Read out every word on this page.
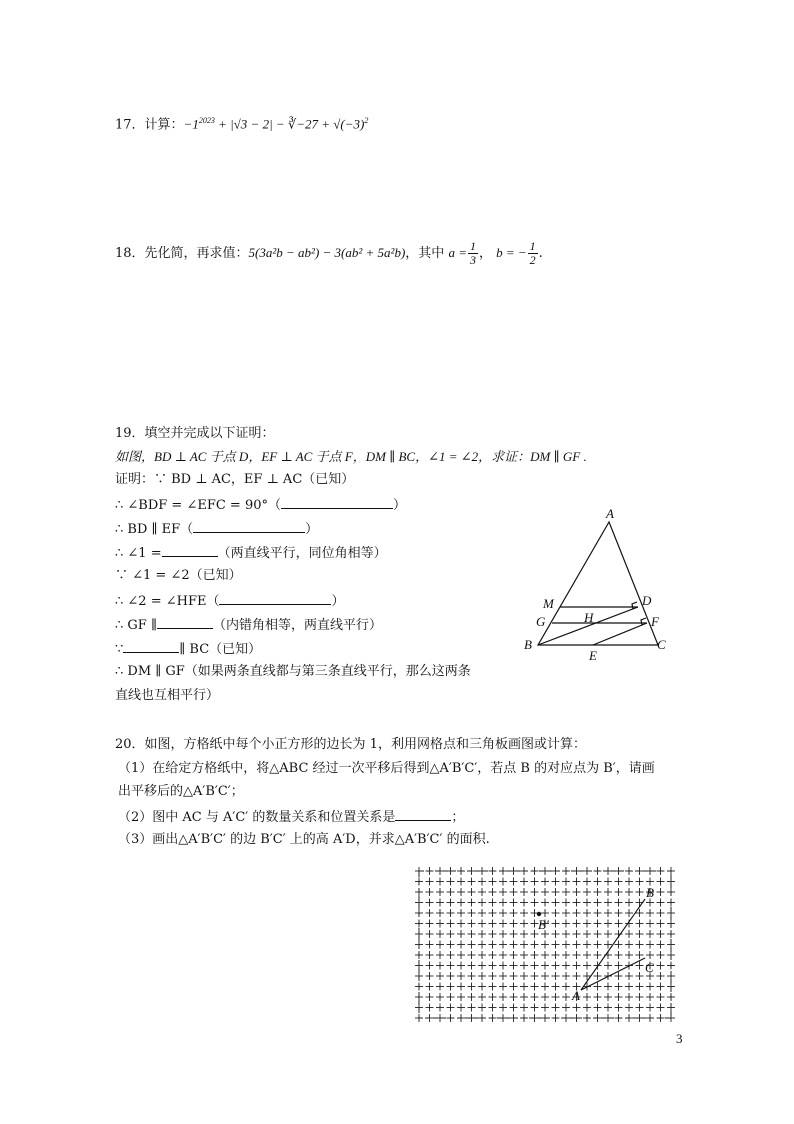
17．计算：$-1^{2023} + |√3 - 2|$ − ∛−27 + $√(-3)^2$
18．先化简，再求值：5(3a²b − ab²) − 3(ab² + 5a²b)，其中 $a = \frac{1}{3}$ ， b = − $\frac{1}{2}$ .
19．填空并完成以下证明：
如图，BD ⊥ AC 于点 D，EF ⊥ AC 于点 F，DM ∥ BC，∠1 = ∠2，求证：DM ∥ GF .
证明：∵ BD ⊥ AC，EF ⊥ AC（已知）
∴ ∠BDF = ∠EFC = 90°（	）
∴ BD ∥ EF（	）
∴ ∠1 =	（两直线平行，同位角相等）
∵ ∠1 = ∠2（已知）
∴ ∠2 = ∠HFE（	）
∴ GF ∥	（内错角相等，两直线平行）
∵	∥ BC（已知）
∴ DM ∥ GF（如果两条直线都与第三条直线平行，那么这两条
直线也互相平行）
A
M	D
G	H	F
B	C
E
20．如图，方格纸中每个小正方形的边长为 1，利用网格点和三角板画图或计算：
（1）在给定方格纸中，将△ABC 经过一次平移后得到△A′B′C′，若点 B 的对应点为 B′，请画
出平移后的△A′B′C′；
（2）图中 AC 与 A′C′ 的数量关系和位置关系是	；
（3）画出△A′B′C′ 的边 B′C′ 上的高 A′D，并求△A′B′C′ 的面积.
B
C
A
B′
3
